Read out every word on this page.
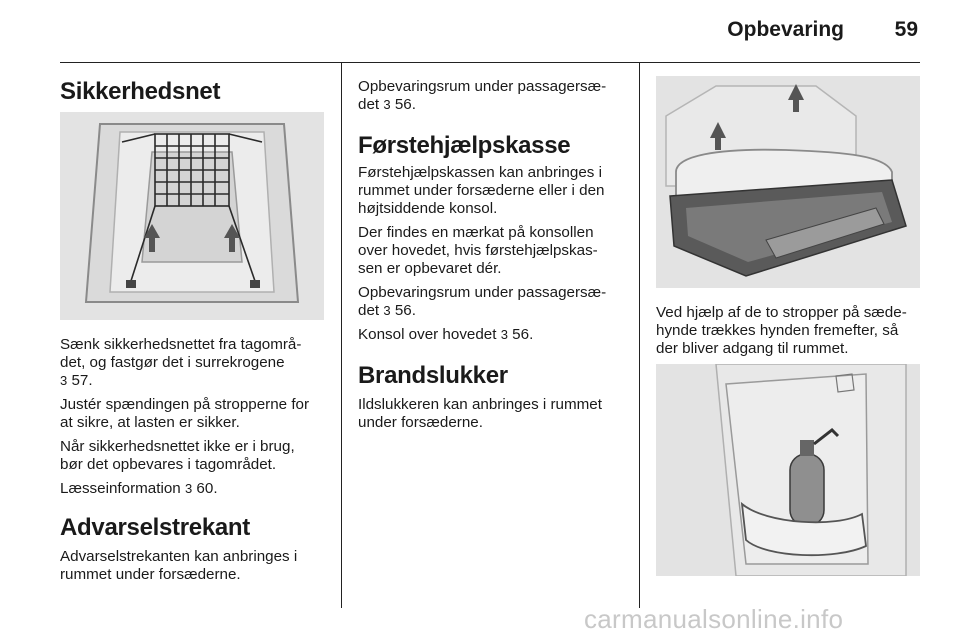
Opbevaring 59
Sikkerhedsnet

Sænk sikkerhedsnettet fra tagområ-
det, og fastgør det i surrekrogene
3 57.

Justér spændingen på stropperne for
at sikre, at lasten er sikker.

Når sikkerhedsnettet ikke er i brug,
bør det opbevares i tagområdet.

Læsseinformation 3 60.

Advarselstrekant

Advarselstrekanten kan anbringes i
rummet under forsæderne.

Opbevaringsrum under passagersæ-
det 3 56.

Førstehjælpskasse

Førstehjælpskassen kan anbringes i
rummet under forsæderne eller i den
højtsiddende konsol.

Der findes en mærkat på konsollen
over hovedet, hvis førstehjælpskas-
sen er opbevaret dér.

Opbevaringsrum under passagersæ-
det 3 56.

Konsol over hovedet 3 56.

Brandslukker

Ildslukkeren kan anbringes i rummet
under forsæderne.

Ved hjælp af de to stropper på sæde-
hynde trækkes hynden fremefter, så
der bliver adgang til rummet.

carmanualsonline.info
